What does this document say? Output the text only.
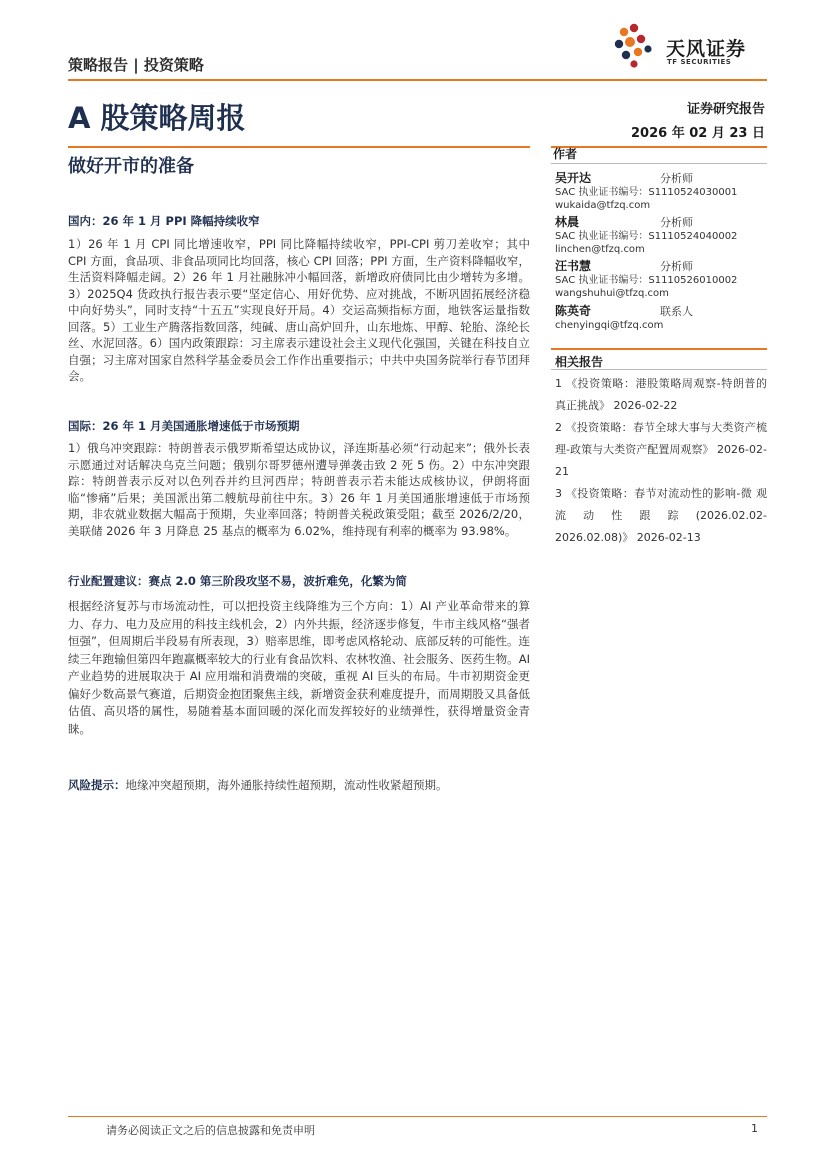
策略报告 | 投资策略
天风证券
TF SECURITIES
A 股策略周报	证券研究报告
2026 年 02 月 23 日
做好开市的准备
作者
吴开达	分析师
SAC 执业证书编号：S1110524030001
wukaida@tfzq.com
林晨	分析师
SAC 执业证书编号：S1110524040002
linchen@tfzq.com
汪书慧	分析师
SAC 执业证书编号：S1110526010002
wangshuhui@tfzq.com
陈英奇	联系人
chenyingqi@tfzq.com
相关报告
1 《投资策略：港股策略周观察-特朗普的真正挑战》 2026-02-22
2 《投资策略：春节全球大事与大类资产梳理-政策与大类资产配置周观察》 2026-02-21
3 《投资策略：春节对流动性的影响-微 观 流 动 性 跟 踪 (2026.02.02-2026.02.08)》 2026-02-13
国内：26 年 1 月 PPI 降幅持续收窄
1）26 年 1 月 CPI 同比增速收窄，PPI 同比降幅持续收窄，PPI-CPI 剪刀差收窄；其中 CPI 方面，食品项、非食品项同比均回落，核心 CPI 回落；PPI 方面，生产资料降幅收窄，生活资料降幅走阔。2）26 年 1 月社融脉冲小幅回落，新增政府债同比由少增转为多增。3）2025Q4 货政执行报告表示要“坚定信心、用好优势、应对挑战，不断巩固拓展经济稳中向好势头”，同时支持“十五五”实现良好开局。4）交运高频指标方面，地铁客运量指数回落。5）工业生产腾落指数回落，纯碱、唐山高炉回升，山东地炼、甲醇、轮胎、涤纶长丝、水泥回落。6）国内政策跟踪：习主席表示建设社会主义现代化强国，关键在科技自立自强；习主席对国家自然科学基金委员会工作作出重要指示；中共中央国务院举行春节团拜会。
国际：26 年 1 月美国通胀增速低于市场预期
1）俄乌冲突跟踪：特朗普表示俄罗斯希望达成协议，泽连斯基必须“行动起来”；俄外长表示愿通过对话解决乌克兰问题；俄别尔哥罗德州遭导弹袭击致 2 死 5 伤。2）中东冲突跟踪：特朗普表示反对以色列吞并约旦河西岸；特朗普表示若未能达成核协议，伊朗将面临“惨痛”后果；美国派出第二艘航母前往中东。3）26 年 1 月美国通胀增速低于市场预期，非农就业数据大幅高于预期，失业率回落；特朗普关税政策受阻；截至 2026/2/20，美联储 2026 年 3 月降息 25 基点的概率为 6.02%，维持现有利率的概率为 93.98%。
行业配置建议：赛点 2.0 第三阶段攻坚不易，波折难免，化繁为简
根据经济复苏与市场流动性，可以把投资主线降维为三个方向：1）AI 产业革命带来的算力、存力、电力及应用的科技主线机会，2）内外共振，经济逐步修复，牛市主线风格“强者恒强”，但周期后半段易有所表现，3）赔率思维，即考虑风格轮动、底部反转的可能性。连续三年跑输但第四年跑赢概率较大的行业有食品饮料、农林牧渔、社会服务、医药生物。AI 产业趋势的进展取决于 AI 应用端和消费端的突破，重视 AI 巨头的布局。牛市初期资金更偏好少数高景气赛道，后期资金抱团聚焦主线，新增资金获利难度提升，而周期股又具备低估值、高贝塔的属性，易随着基本面回暖的深化而发挥较好的业绩弹性，获得增量资金青睐。
风险提示：地缘冲突超预期，海外通胀持续性超预期，流动性收紧超预期。
请务必阅读正文之后的信息披露和免责申明	1
